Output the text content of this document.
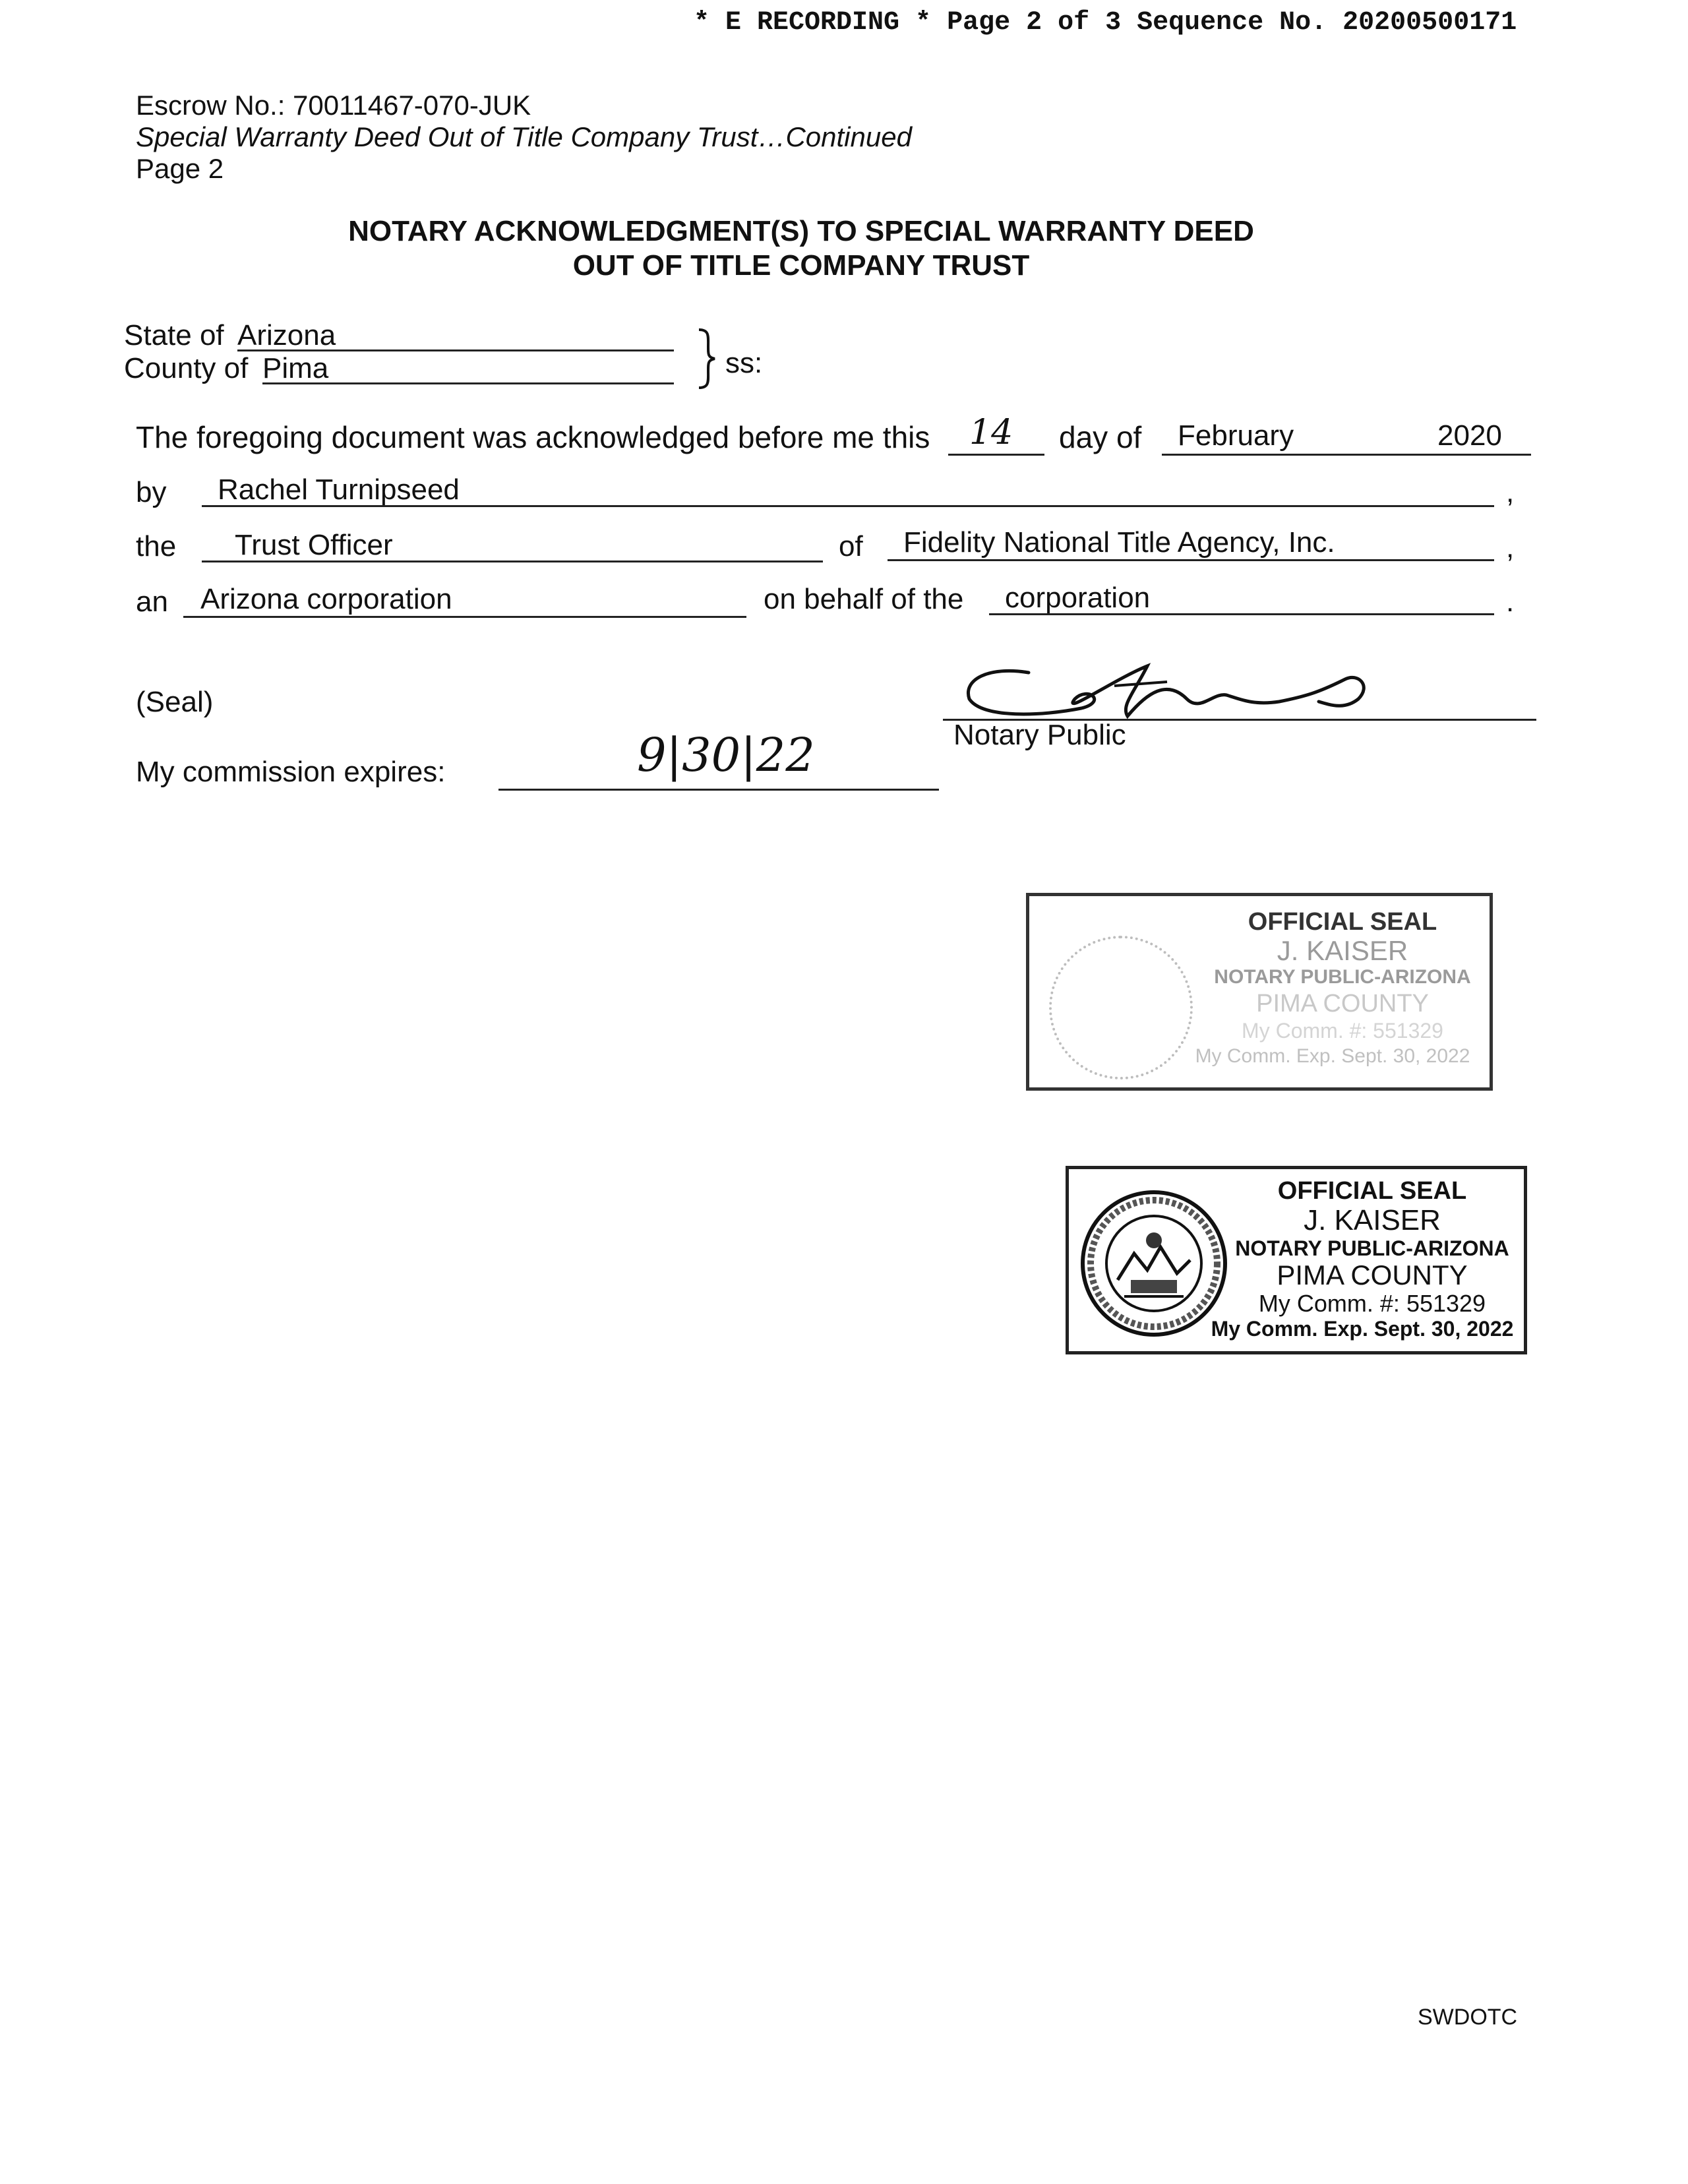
* E RECORDING * Page 2 of 3 Sequence No. 20200500171
Escrow No.: 70011467-070-JUK
Special Warranty Deed Out of Title Company Trust…Continued
Page 2
NOTARY ACKNOWLEDGMENT(S) TO SPECIAL WARRANTY DEED
OUT OF TITLE COMPANY TRUST
State of Arizona
County of Pima	ss:
The foregoing document was acknowledged before me this 14 day of February	2020
by Rachel Turnipseed	,
the Trust Officer	of Fidelity National Title Agency, Inc.	,
an Arizona corporation	on behalf of the corporation	.
(Seal)
Notary Public
My commission expires:	9|30|22
OFFICIAL SEAL
J. KAISER
NOTARY PUBLIC-ARIZONA
PIMA COUNTY
My Comm. #: 551329
My Comm. Exp. Sept. 30, 2022
OFFICIAL SEAL
J. KAISER
NOTARY PUBLIC-ARIZONA
PIMA COUNTY
My Comm. #: 551329
My Comm. Exp. Sept. 30, 2022
SWDOTC
